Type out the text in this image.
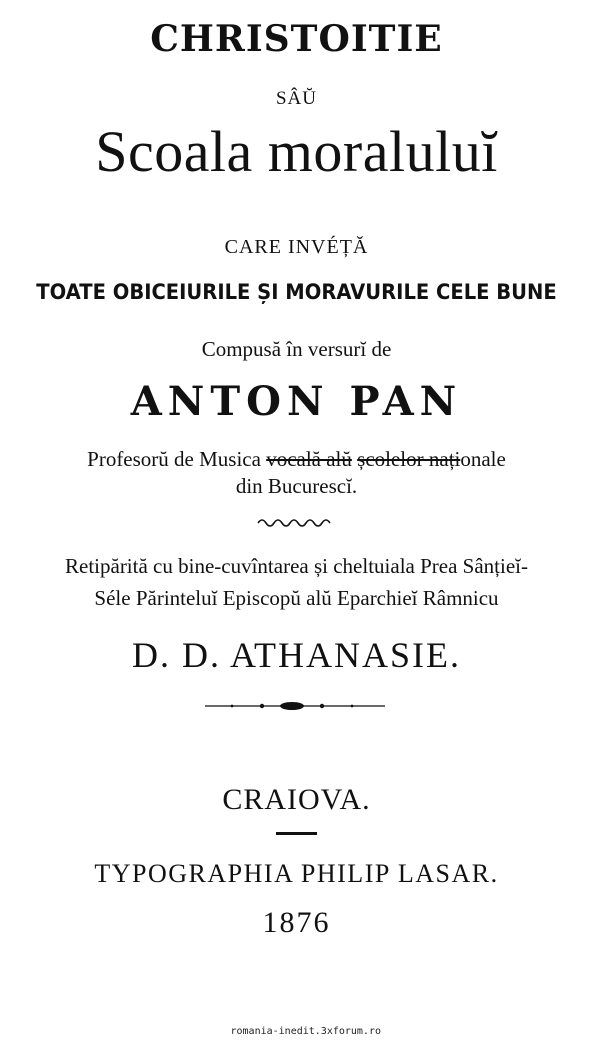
CHRISTOITIE
SÂŬ
Scoala moraluluĭ
CARE INVÉȚĂ
TOATE OBICEIURILE ȘI MORAVURILE CELE BUNE
Compusă în versurĭ de
ANTON PAN
Profesorŭ de Musica vocală alŭ școlelor naționale
din Bucurescĭ.
Retipărită cu bine-cuvîntarea și cheltuiala Prea Sânțieĭ-
Séle Părinteluĭ Episcopŭ alŭ Eparchieĭ Râmnicu
D. D. ATHANASIE.
CRAIOVA.
TYPOGRAPHIA PHILIP LASAR.
1876
romania-inedit.3xforum.ro
